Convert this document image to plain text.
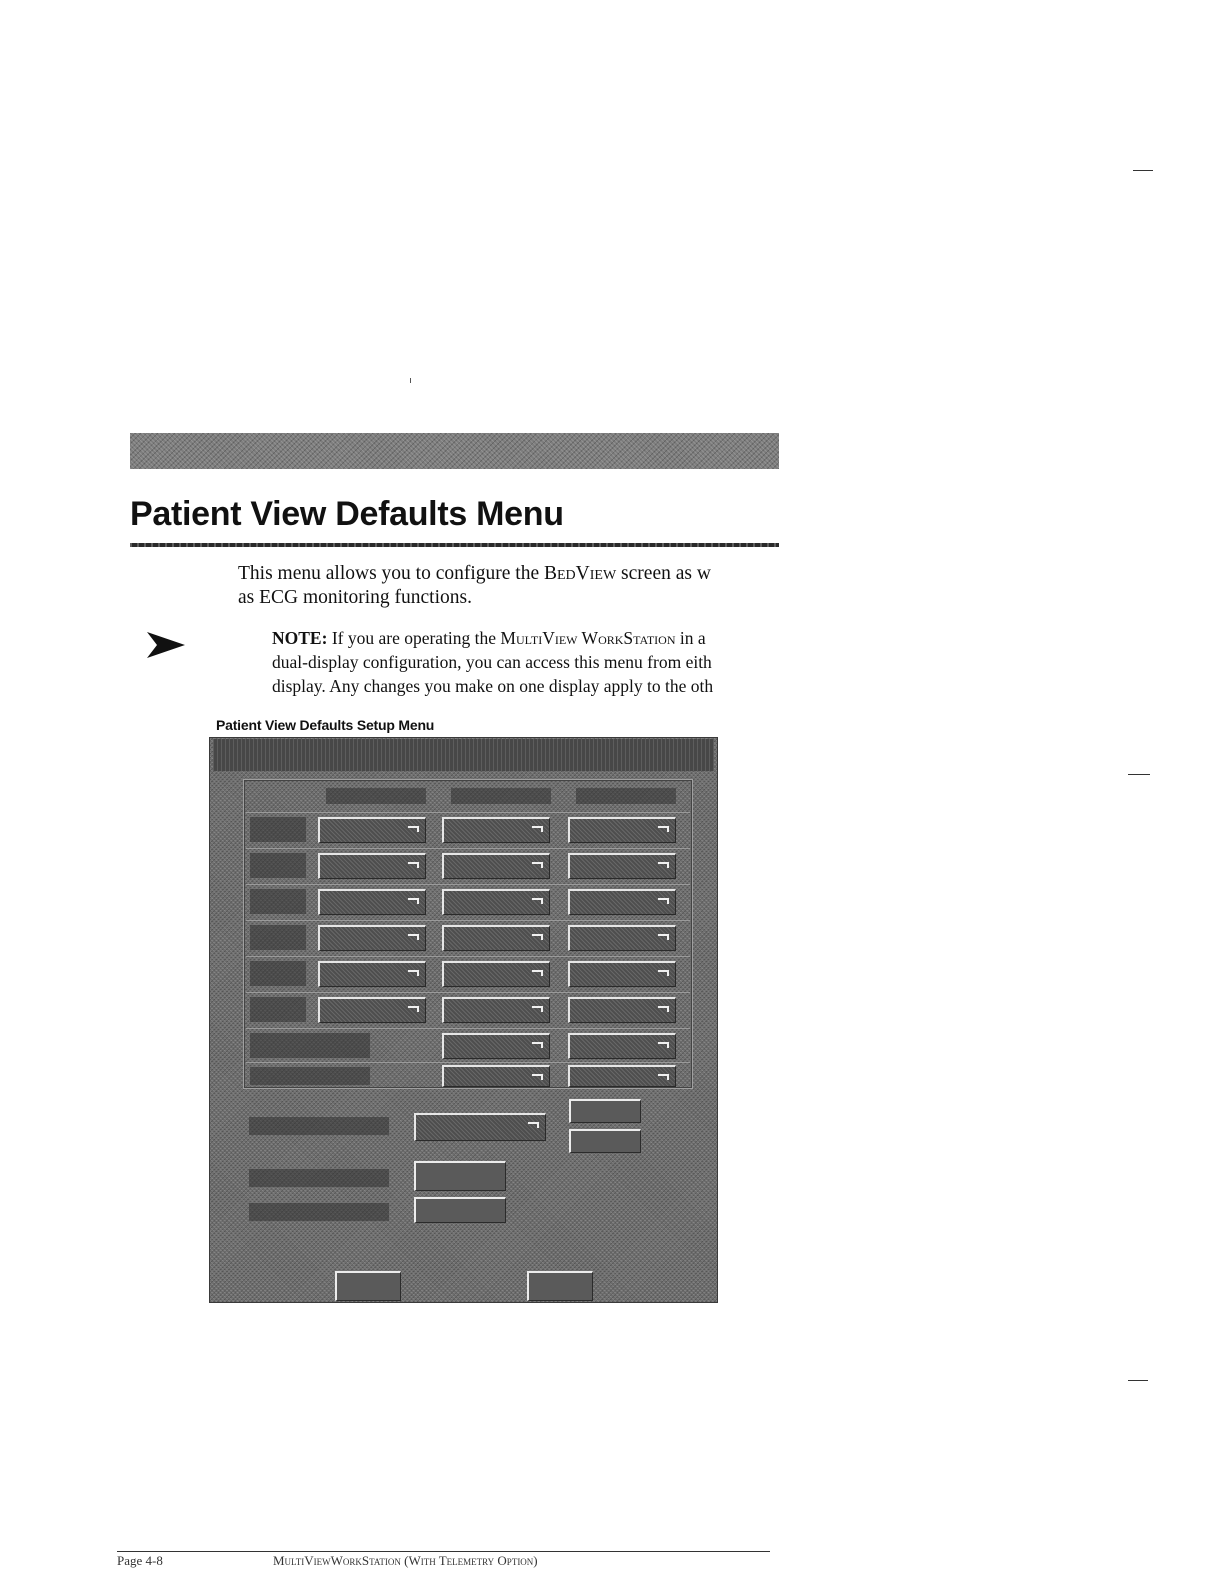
Patient View Defaults Menu

This menu allows you to configure the BedView screen as w

as ECG monitoring functions.

NOTE: If you are operating the MultiView WorkStation in a

dual-display configuration, you can access this menu from eith

display. Any changes you make on one display apply to the oth

Patient View Defaults Setup Menu
Page 4-8	MultiViewWorkStation (With Telemetry Option)
